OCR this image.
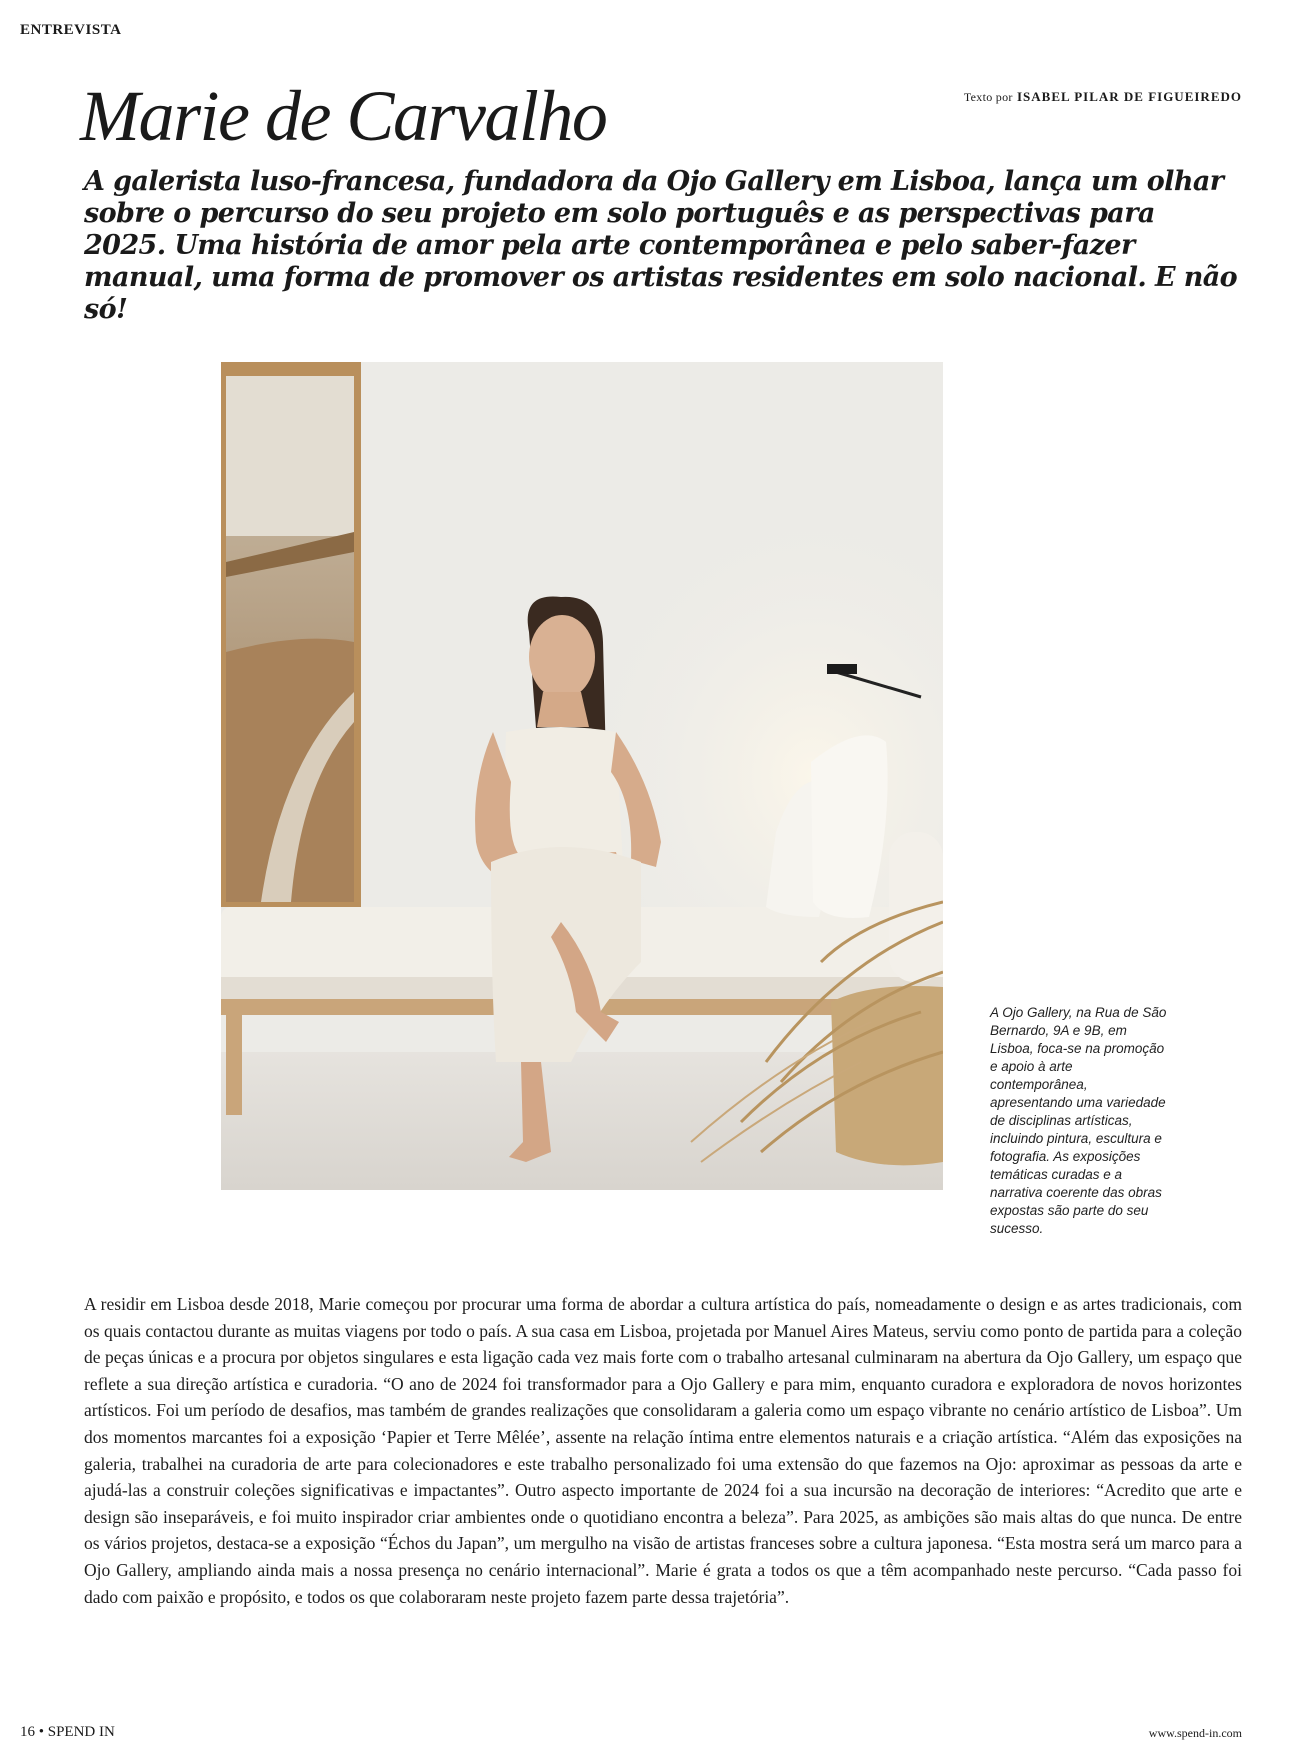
ENTREVISTA
Texto por ISABEL PILAR DE FIGUEIREDO
Marie de Carvalho

A galerista luso-francesa, fundadora da Ojo Gallery em Lisboa, lança um olhar sobre o percurso do seu projeto em solo português e as perspectivas para 2025. Uma história de amor pela arte contemporânea e pelo saber-fazer manual, uma forma de promover os artistas residentes em solo nacional. E não só!

A Ojo Gallery, na Rua de São Bernardo, 9A e 9B, em Lisboa, foca-se na promoção e apoio à arte contemporânea, apresentando uma variedade de disciplinas artísticas, incluindo pintura, escultura e fotografia. As exposições temáticas curadas e a narrativa coerente das obras expostas são parte do seu sucesso.

A residir em Lisboa desde 2018, Marie começou por procurar uma forma de abordar a cultura artística do país, nomeadamente o design e as artes tradicionais, com os quais contactou durante as muitas viagens por todo o país. A sua casa em Lisboa, projetada por Manuel Aires Mateus, serviu como ponto de partida para a coleção de peças únicas e a procura por objetos singulares e esta ligação cada vez mais forte com o trabalho artesanal culminaram na abertura da Ojo Gallery, um espaço que reflete a sua direção artística e curadoria. “O ano de 2024 foi transformador para a Ojo Gallery e para mim, enquanto curadora e exploradora de novos horizontes artísticos. Foi um período de desafios, mas também de grandes realizações que consolidaram a galeria como um espaço vibrante no cenário artístico de Lisboa”. Um dos momentos marcantes foi a exposição ‘Papier et Terre Mêlée’, assente na relação íntima entre elementos naturais e a criação artística. “Além das exposições na galeria, trabalhei na curadoria de arte para colecionadores e este trabalho personalizado foi uma extensão do que fazemos na Ojo: aproximar as pessoas da arte e ajudá-las a construir coleções significativas e impactantes”. Outro aspecto importante de 2024 foi a sua incursão na decoração de interiores: “Acredito que arte e design são inseparáveis, e foi muito inspirador criar ambientes onde o quotidiano encontra a beleza”. Para 2025, as ambições são mais altas do que nunca. De entre os vários projetos, destaca-se a exposição “Échos du Japan”, um mergulho na visão de artistas franceses sobre a cultura japonesa. “Esta mostra será um marco para a Ojo Gallery, ampliando ainda mais a nossa presença no cenário internacional”. Marie é grata a todos os que a têm acompanhado neste percurso. “Cada passo foi dado com paixão e propósito, e todos os que colaboraram neste projeto fazem parte dessa trajetória”.

16 • SPEND IN	www.spend-in.com
